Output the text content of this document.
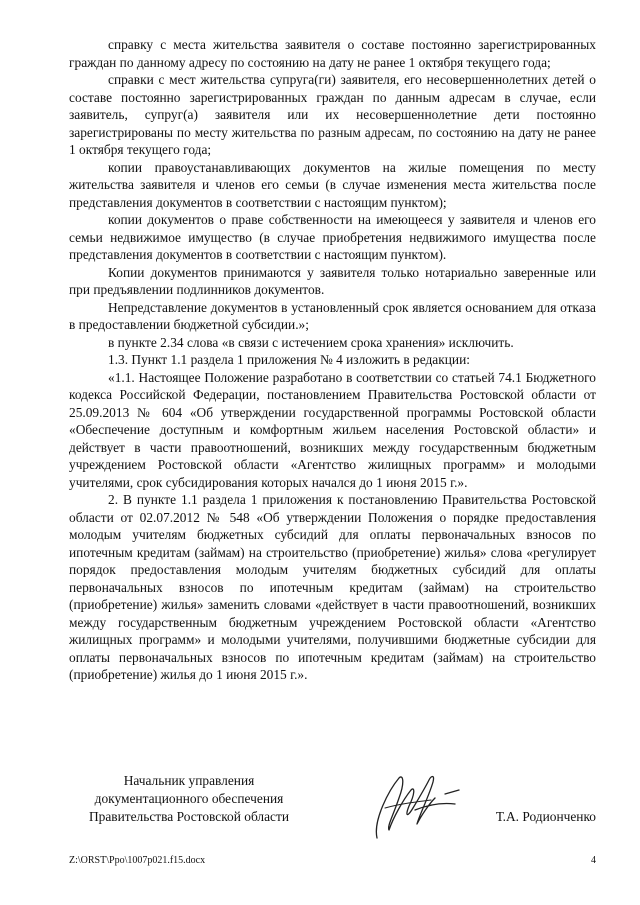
справку с места жительства заявителя о составе постоянно зарегистрированных граждан по данному адресу по состоянию на дату не ранее 1 октября текущего года;

справки с мест жительства супруга(ги) заявителя, его несовершеннолетних детей о составе постоянно зарегистрированных граждан по данным адресам в случае, если заявитель, супруг(а) заявителя или их несовершеннолетние дети постоянно зарегистрированы по месту жительства по разным адресам, по состоянию на дату не ранее 1 октября текущего года;

копии правоустанавливающих документов на жилые помещения по месту жительства заявителя и членов его семьи (в случае изменения места жительства после представления документов в соответствии с настоящим пунктом);

копии документов о праве собственности на имеющееся у заявителя и членов его семьи недвижимое имущество (в случае приобретения недвижимого имущества после представления документов в соответствии с настоящим пунктом).

Копии документов принимаются у заявителя только нотариально заверенные или при предъявлении подлинников документов.

Непредставление документов в установленный срок является основанием для отказа в предоставлении бюджетной субсидии.»;

в пункте 2.34 слова «в связи с истечением срока хранения» исключить.

1.3. Пункт 1.1 раздела 1 приложения № 4 изложить в редакции:

«1.1. Настоящее Положение разработано в соответствии со статьей 74.1 Бюджетного кодекса Российской Федерации, постановлением Правительства Ростовской области от 25.09.2013 № 604 «Об утверждении государственной программы Ростовской области «Обеспечение доступным и комфортным жильем населения Ростовской области» и действует в части правоотношений, возникших между государственным бюджетным учреждением Ростовской области «Агентство жилищных программ» и молодыми учителями, срок субсидирования которых начался до 1 июня 2015 г.».

2. В пункте 1.1 раздела 1 приложения к постановлению Правительства Ростовской области от 02.07.2012 № 548 «Об утверждении Положения о порядке предоставления молодым учителям бюджетных субсидий для оплаты первоначальных взносов по ипотечным кредитам (займам) на строительство (приобретение) жилья» слова «регулирует порядок предоставления молодым учителям бюджетных субсидий для оплаты первоначальных взносов по ипотечным кредитам (займам) на строительство (приобретение) жилья» заменить словами «действует в части правоотношений, возникших между государственным бюджетным учреждением Ростовской области «Агентство жилищных программ» и молодыми учителями, получившими бюджетные субсидии для оплаты первоначальных взносов по ипотечным кредитам (займам) на строительство (приобретение) жилья до 1 июня 2015 г.».

Начальник управления
документационного обеспечения
Правительства Ростовской области	Т.А. Родионченко
Z:\ORST\Ppo\1007p021.f15.docx	4
